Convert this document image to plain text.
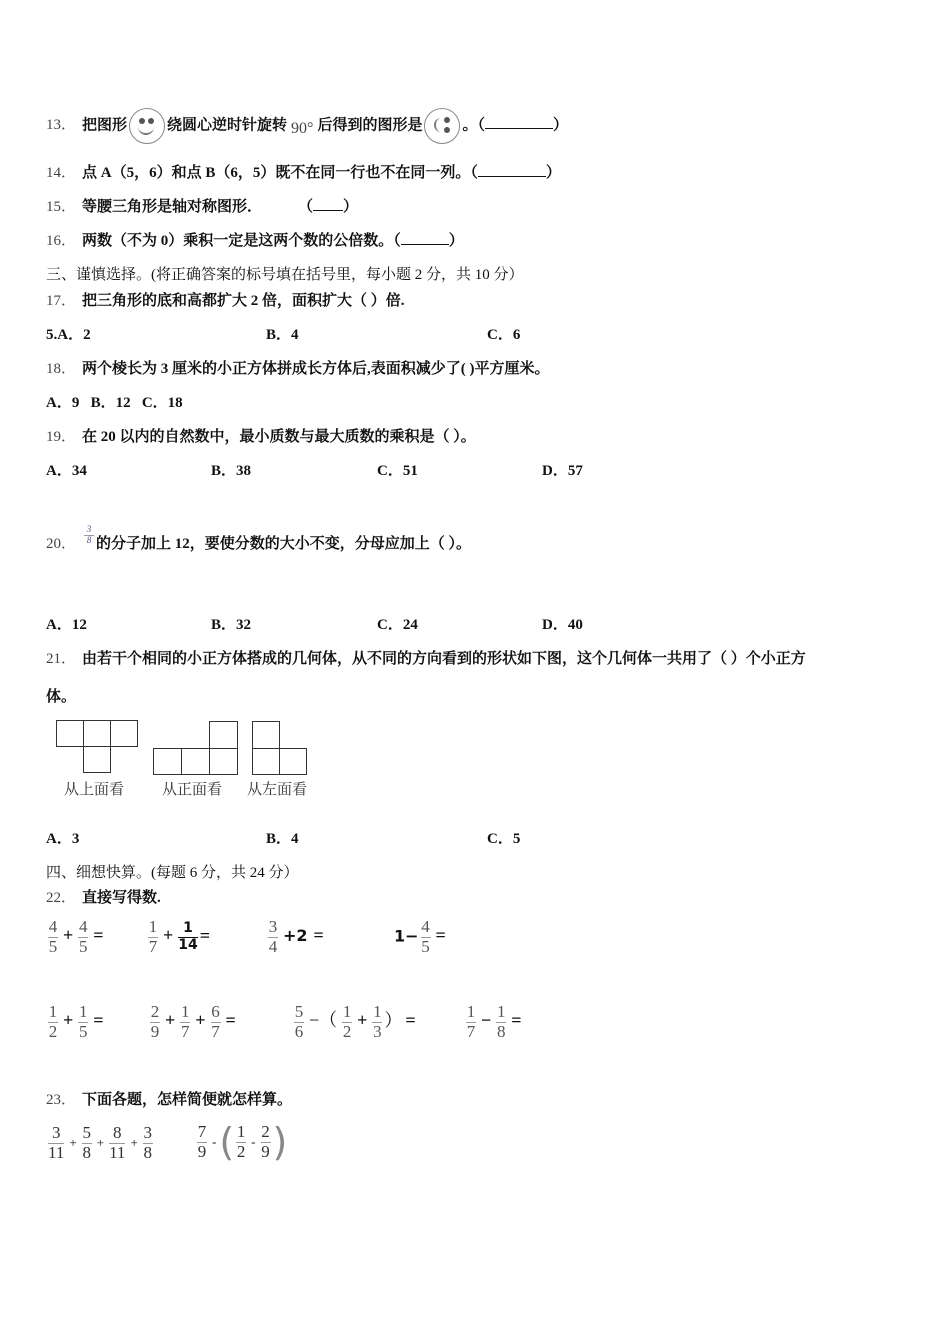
13． 把图形	绕圆心逆时针旋转 90° 后得到的图形是	。（	）
14． 点 A（5，6）和点 B（6，5）既不在同一行也不在同一列。（	）
15． 等腰三角形是轴对称图形． （ ）
16． 两数（不为 0）乘积一定是这两个数的公倍数。（	）
三、谨慎选择。(将正确答案的标号填在括号里，每小题 2 分，共 10 分）
17． 把三角形的底和高都扩大 2 倍，面积扩大（ ）倍.
5.A．2	B．4	C．6
18． 两个棱长为 3 厘米的小正方体拼成长方体后,表面积减少了( )平方厘米。
A．9   B．12   C．18
19． 在 20 以内的自然数中，最小质数与最大质数的乘积是（ ）。
A．34	B．38	C．51	D．57
20． $\frac{3}{8}$ 的分子加上 12，要使分数的大小不变，分母应加上（ ）。
A．12	B．32	C．24	D．40
21． 由若干个相同的小正方体搭成的几何体，从不同的方向看到的形状如下图，这个几何体一共用了（ ）个小正方
体。
从上面看	从正面看 从左面看
A．3	B．4	C．5
四、细想快算。(每题 6 分，共 24 分）
22． 直接写得数.
$\frac{4}{5} + \frac{4}{5}$ =	$\frac{1}{7} + \frac{1}{14}$ =	$\frac{3}{4} +2$ =	$1- \frac{4}{5}$ =
$\frac{1}{2} + \frac{1}{5}$ =	$\frac{2}{9} + \frac{1}{7} + \frac{6}{7}$ =	$\frac{5}{6}$ −（ $\frac{1}{2} + \frac{1}{3}$ ） =	$\frac{1}{7} - \frac{1}{8}$ =
23． 下面各题，怎样简便就怎样算。
$\frac{3}{11} + \frac{5}{8} + \frac{8}{11} + \frac{3}{8}$	$\frac{7}{9}$ -( $\frac{1}{2} - \frac{2}{9}$ )
